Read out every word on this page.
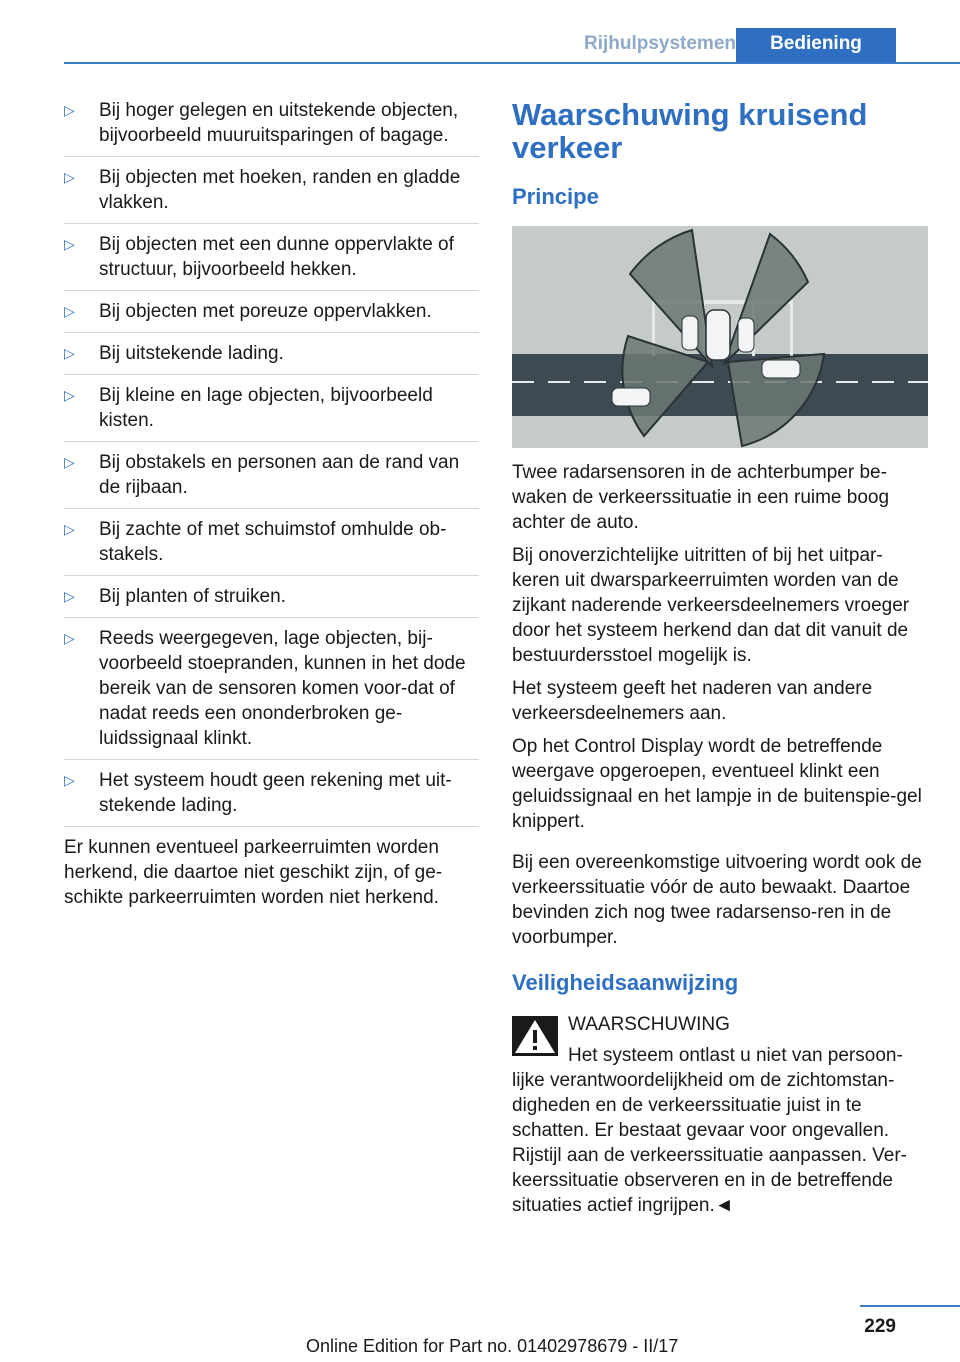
Rijhulpsystemen	Bediening
▷ Bij hoger gelegen en uitstekende objecten, bijvoorbeeld muuruitsparingen of bagage.
▷ Bij objecten met hoeken, randen en gladde vlakken.
▷ Bij objecten met een dunne oppervlakte of structuur, bijvoorbeeld hekken.
▷ Bij objecten met poreuze oppervlakken.
▷ Bij uitstekende lading.
▷ Bij kleine en lage objecten, bijvoorbeeld kisten.
▷ Bij obstakels en personen aan de rand van de rijbaan.
▷ Bij zachte of met schuimstof omhulde ob-stakels.
▷ Bij planten of struiken.
▷ Reeds weergegeven, lage objecten, bij-voorbeeld stoepranden, kunnen in het dode bereik van de sensoren komen voor-dat of nadat reeds een ononderbroken ge-luidssignaal klinkt.
▷ Het systeem houdt geen rekening met uit-stekende lading.

Er kunnen eventueel parkeerruimten worden herkend, die daartoe niet geschikt zijn, of ge-schikte parkeerruimten worden niet herkend.

Waarschuwing kruisend verkeer
Principe

Twee radarsensoren in de achterbumper be-waken de verkeerssituatie in een ruime boog achter de auto.

Bij onoverzichtelijke uitritten of bij het uitpar-keren uit dwarsparkeerruimten worden van de zijkant naderende verkeersdeelnemers vroeger door het systeem herkend dan dat dit vanuit de bestuurdersstoel mogelijk is.

Het systeem geeft het naderen van andere verkeersdeelnemers aan.

Op het Control Display wordt de betreffende weergave opgeroepen, eventueel klinkt een geluidssignaal en het lampje in de buitenspie-gel knippert.

Bij een overeenkomstige uitvoering wordt ook de verkeerssituatie vóór de auto bewaakt. Daartoe bevinden zich nog twee radarsenso-ren in de voorbumper.

Veiligheidsaanwijzing
WAARSCHUWING

Het systeem ontlast u niet van persoon-lijke verantwoordelijkheid om de zichtomstan-digheden en de verkeerssituatie juist in te schatten. Er bestaat gevaar voor ongevallen. Rijstijl aan de verkeerssituatie aanpassen. Ver-keerssituatie observeren en in de betreffende situaties actief ingrijpen.◄

229
Online Edition for Part no. 01402978679 - II/17
